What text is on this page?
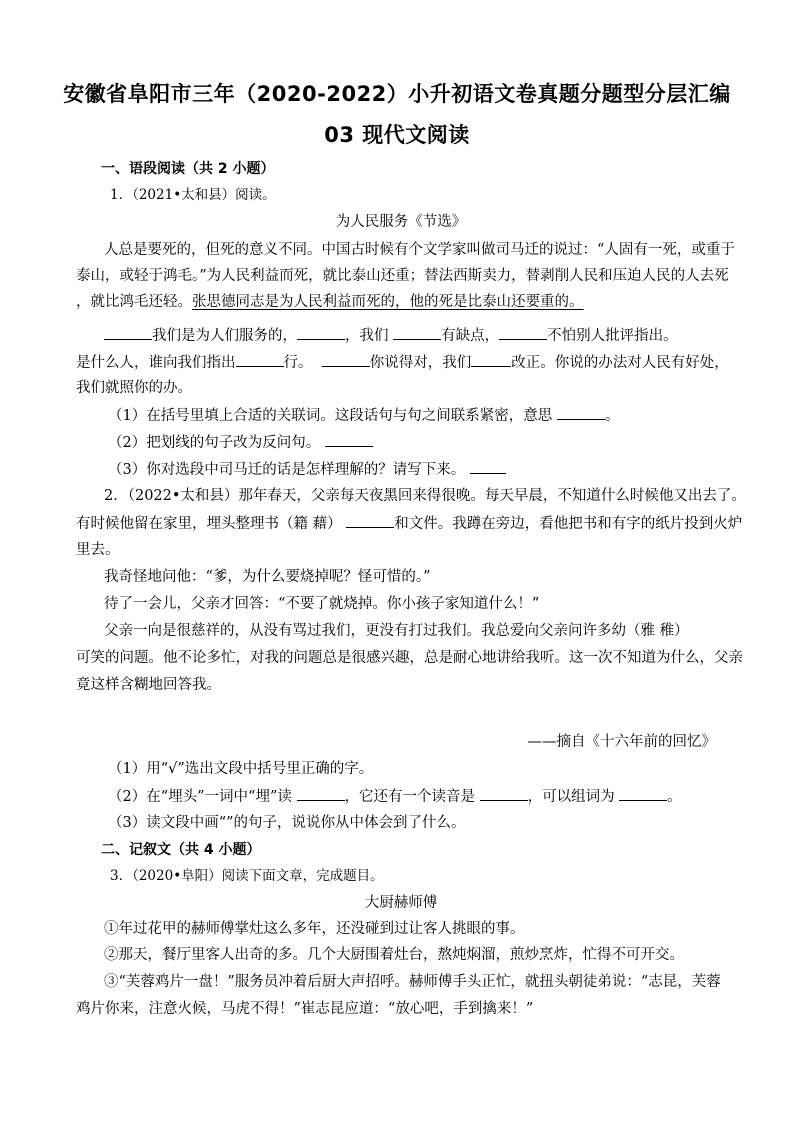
安徽省阜阳市三年（2020-2022）小升初语文卷真题分题型分层汇编
03 现代文阅读
一、语段阅读（共 2 小题）
1．（2021•太和县）阅读。
为人民服务《节选》
人总是要死的，但死的意义不同。中国古时候有个文学家叫做司马迁的说过：“人固有一死，或重于
泰山，或轻于鸿毛。”为人民利益而死，就比泰山还重；替法西斯卖力，替剥削人民和压迫人民的人去死
，就比鸿毛还轻。张思德同志是为人民利益而死的，他的死是比泰山还要重的。
我们是为人们服务的，	，我们	有缺点，	不怕别人批评指出。
是什么人，谁向我们指出	行。	你说得对，我们	改正。你说的办法对人民有好处，
我们就照你的办。
（1）在括号里填上合适的关联词。这段话句与句之间联系紧密，意思	。
（2）把划线的句子改为反问句。
（3）你对选段中司马迁的话是怎样理解的？请写下来。
2．（2022•太和县）那年春天，父亲每天夜黑回来得很晚。每天早晨，不知道什么时候他又出去了。
有时候他留在家里，埋头整理书（籍 藉）	和文件。我蹲在旁边，看他把书和有字的纸片投到火炉
里去。
我奇怪地问他：“爹，为什么要烧掉呢？怪可惜的。”
待了一会儿，父亲才回答：“不要了就烧掉。你小孩子家知道什么！”
父亲一向是很慈祥的，从没有骂过我们，更没有打过我们。我总爱向父亲问许多幼（雅 稚）
可笑的问题。他不论多忙，对我的问题总是很感兴趣，总是耐心地讲给我听。这一次不知道为什么，父亲
竟这样含糊地回答我。
——摘自《十六年前的回忆》
（1）用“√”选出文段中括号里正确的字。
（2）在“埋头”一词中“埋”读	，它还有一个读音是	，可以组词为	。
（3）读文段中画“”的句子，说说你从中体会到了什么。
二、记叙文（共 4 小题）
3．（2020•阜阳）阅读下面文章，完成题目。
大厨赫师傅
①年过花甲的赫师傅掌灶这么多年，还没碰到过让客人挑眼的事。
②那天，餐厅里客人出奇的多。几个大厨围着灶台，熬炖焖溜，煎炒烹炸，忙得不可开交。
③“芙蓉鸡片一盘！”服务员冲着后厨大声招呼。赫师傅手头正忙，就扭头朝徒弟说：“志昆，芙蓉
鸡片你来，注意火候，马虎不得！”崔志昆应道：“放心吧，手到擒来！”
